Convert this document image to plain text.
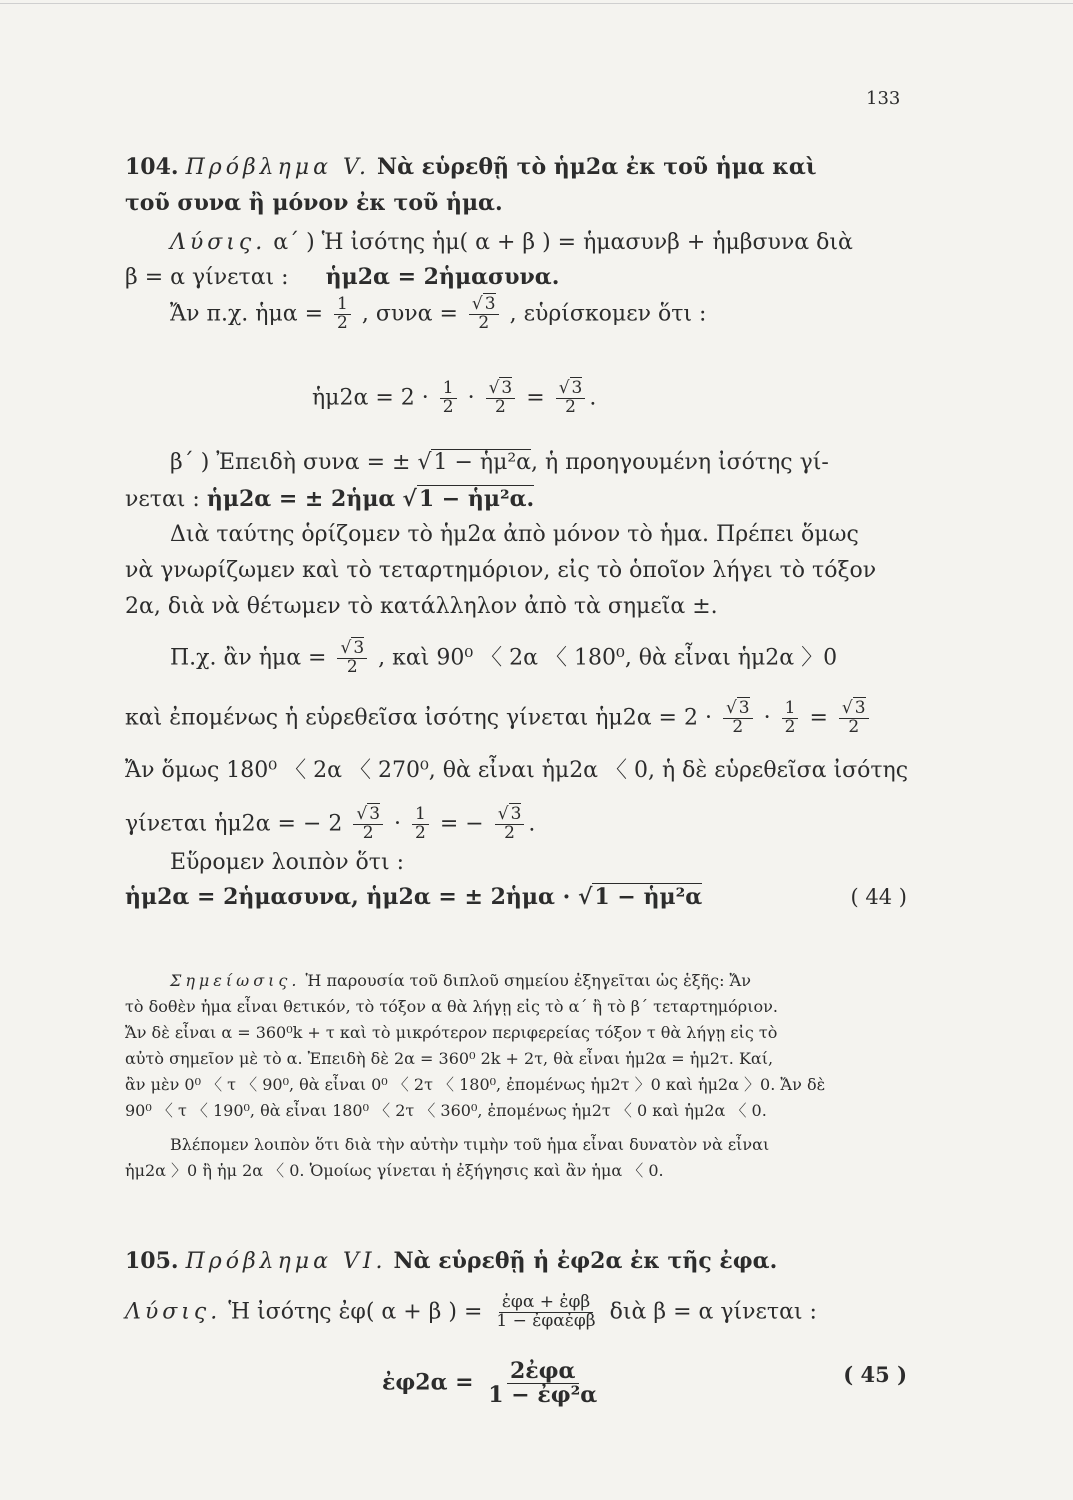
133
104. Πρόβλημα V. Νὰ εὑρεθῇ τὸ ἡμ2α ἐκ τοῦ ἡμα καὶ
τοῦ συνα ἢ μόνον ἐκ τοῦ ἡμα.
Λύσις. α΄ ) Ἡ ἰσότης ἡμ( α + β ) = ἡμασυνβ + ἡμβσυνα διὰ
β = α γίνεται : ἡμ2α = 2ἡμασυνα.
Ἄν π.χ. ἡμα = $\frac{1}{2}$ , $\sigma\upsilon\nu\alpha = \frac{√ 3}{2}$ , εὑρίσκομεν ὅτι :
ἡμ2α = $2 \cdot \frac{1}{2} \cdot \frac{√ 3}{2} = \frac{√ 3}{2}$ .
β΄ ) Ἐπειδὴ συνα = ± √1 − ἡμ²α, ἡ προηγουμένη ἰσότης γί-
νεται : ἡμ2α = ± 2ἡμα √1 − ἡμ²α.
Διὰ ταύτης ὁρίζομεν τὸ ἡμ2α ἀπὸ μόνον τὸ ἡμα. Πρέπει ὅμως
νὰ γνωρίζωμεν καὶ τὸ τεταρτημόριον, εἰς τὸ ὁποῖον λήγει τὸ τόξον
2α, διὰ νὰ θέτωμεν τὸ κατάλληλον ἀπὸ τὰ σημεῖα ±.
Π.χ. ἂν ἡμα = $\frac{√ 3}{2}$ , καὶ 90⁰ 〈 2α 〈 180⁰, θὰ εἶναι ἡμ2α 〉0
καὶ ἐπομένως ἡ εὑρεθεῖσα ἰσότης γίνεται ἡμ2α = $2 \cdot \frac{√ 3}{2} \cdot \frac{1}{2} = \frac{√ 3}{2}$
Ἄν ὅμως 180⁰ 〈 2α 〈 270⁰, θὰ εἶναι ἡμ2α 〈 0, ἡ δὲ εὑρεθεῖσα ἰσότης
γίνεται ἡμ2α = − $2 \frac{√ 3}{2} \cdot \frac{1}{2}$ = − $\frac{√ 3}{2}$ .
Εὕρομεν λοιπὸν ὅτι :
ἡμ2α = 2ἡμασυνα, ἡμ2α = ± 2ἡμα · √1 − ἡμ²α	( 44 )
Σημείωσις. Ἡ παρουσία τοῦ διπλοῦ σημείου ἐξηγεῖται ὡς ἑξῆς: Ἄν
τὸ δοθὲν ἡμα εἶναι θετικόν, τὸ τόξον α θὰ λήγῃ εἰς τὸ α΄ ἢ τὸ β΄ τεταρτημόριον.
Ἄν δὲ εἶναι α = 360⁰k + τ καὶ τὸ μικρότερον περιφερείας τόξον τ θὰ λήγῃ εἰς τὸ
αὐτὸ σημεῖον μὲ τὸ α. Ἐπειδὴ δὲ 2α = 360⁰ 2k + 2τ, θὰ εἶναι ἡμ2α = ἡμ2τ. Καί,
ἂν μὲν 0⁰ 〈 τ 〈 90⁰, θὰ εἶναι 0⁰ 〈 2τ 〈 180⁰, ἐπομένως ἡμ2τ 〉0 καὶ ἡμ2α 〉0. Ἄν δὲ
90⁰ 〈 τ 〈 190⁰, θὰ εἶναι 180⁰ 〈 2τ 〈 360⁰, ἐπομένως ἡμ2τ 〈 0 καὶ ἡμ2α 〈 0.
Βλέπομεν λοιπὸν ὅτι διὰ τὴν αὐτὴν τιμὴν τοῦ ἡμα εἶναι δυνατὸν νὰ εἶναι
ἡμ2α 〉0 ἢ ἡμ 2α 〈 0. Ὁμοίως γίνεται ἡ ἐξήγησις καὶ ἂν ἡμα 〈 0.
105. Πρόβλημα VI. Νὰ εὑρεθῇ ἡ ἐφ2α ἐκ τῆς ἐφα.
Λύσις. Ἡ ἰσότης ἐφ( α + β ) = $\frac{\text{ἐφα + ἐφβ}}{\text{1 − ἐφαἐφβ}}$ διὰ β = α γίνεται :
ἐφ2α = $\frac{\text{2ἐφα}}{\text{1 − ἐφ²α}}$	( 45 )
